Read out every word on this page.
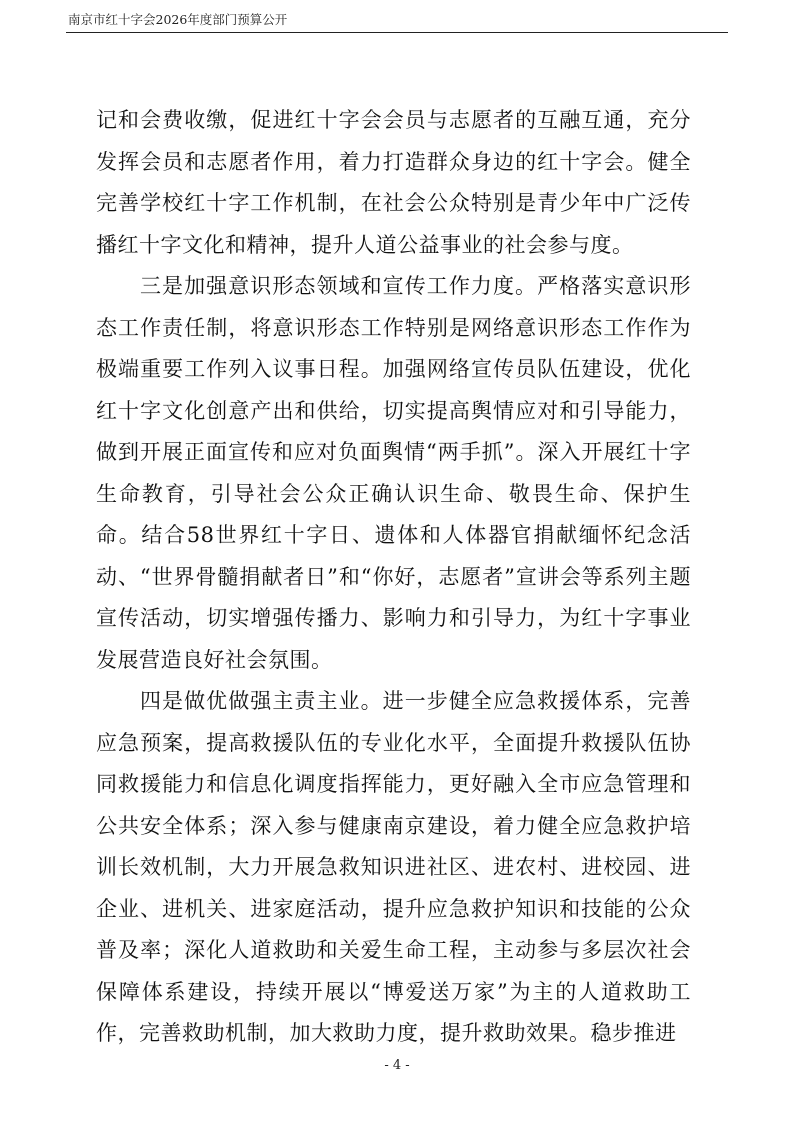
南京市红十字会2026年度部门预算公开

记和会费收缴，促进红十字会会员与志愿者的互融互通，充分发挥会员和志愿者作用，着力打造群众身边的红十字会。健全完善学校红十字工作机制，在社会公众特别是青少年中广泛传播红十字文化和精神，提升人道公益事业的社会参与度。

三是加强意识形态领域和宣传工作力度。严格落实意识形态工作责任制，将意识形态工作特别是网络意识形态工作作为极端重要工作列入议事日程。加强网络宣传员队伍建设，优化红十字文化创意产出和供给，切实提高舆情应对和引导能力，做到开展正面宣传和应对负面舆情“两手抓”。深入开展红十字生命教育，引导社会公众正确认识生命、敬畏生命、保护生命。结合58世界红十字日、遗体和人体器官捐献缅怀纪念活动、“世界骨髓捐献者日”和“你好，志愿者”宣讲会等系列主题宣传活动，切实增强传播力、影响力和引导力，为红十字事业发展营造良好社会氛围。

四是做优做强主责主业。进一步健全应急救援体系，完善应急预案，提高救援队伍的专业化水平，全面提升救援队伍协同救援能力和信息化调度指挥能力，更好融入全市应急管理和公共安全体系；深入参与健康南京建设，着力健全应急救护培训长效机制，大力开展急救知识进社区、进农村、进校园、进企业、进机关、进家庭活动，提升应急救护知识和技能的公众普及率；深化人道救助和关爱生命工程，主动参与多层次社会保障体系建设，持续开展以“博爱送万家”为主的人道救助工作，完善救助机制，加大救助力度，提升救助效果。稳步推进

- 4 -
